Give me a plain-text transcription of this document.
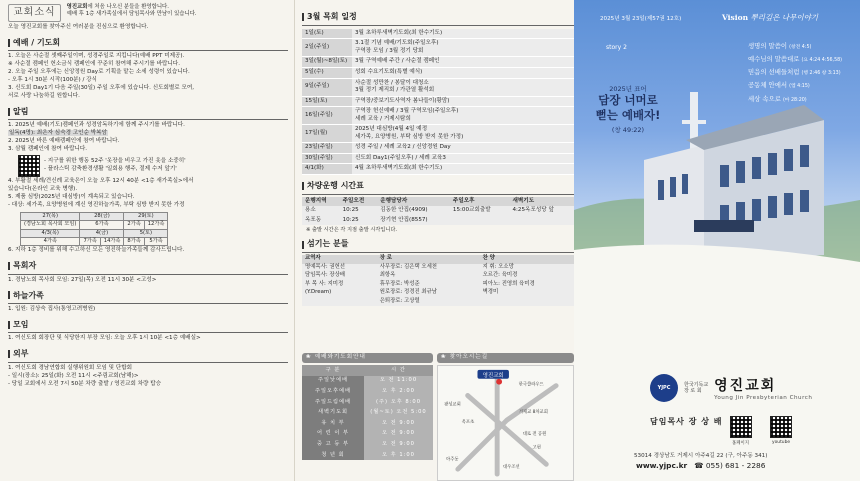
교회소식	영진교회에 처음 나오신 분들을 환영합니다.
예배 후 1층 새가족실에서 담임목사와 만남이 있습니다.
오늘 영진교회를 찾아주신 여러분을 진심으로 환영합니다.
예배 / 기도회
1. 오늘은 사순절 셋째주일이며, 성경주일로 지킵니다(예배 PPT 미제공).
※ 사순절 캠페인 헌소금식 캠페인에 꾸준히 참여해 주시기를 바랍니다.
2. 오늘 주일 오후에는 신앙정원 Day로 기획을 맡는 소세 성령이 있습니다.
- 오후 1시 30분 시작(100분) / 강식
3. 신도회 Day1기 다음 주일(30일) 주일 오후에 있습니다. 신도회별로 모여,
서로 사랑 나눔하길 원합니다.
알림
1. 2025년 예배(기도)캠페인과 성경암독하기에 함께 주시기를 바랍니다.
일독(4명): 최은자 심숙경 고인순 박복암
2. 2025년 바른 예배캠페인에 참여 바랍니다.
3. 삼월 캠페인에 참여 바랍니다.
- 지구를 위한 행동 52주 '옷장을 비우고 가진 옷을 소중히'
- 플라스틱 감축환경생활 '일회용 행주, 절제 수저 앞기'
4. 부활절 세례/견신례 교육은이 오늘 오후 12시 40분 <1층 새가족실>에서
있습니다(온라인 교육 병행).
5. 제품 심방(2025년 대심방)이 계속되고 있습니다.
- 대상: 세가족, 요양병원에 계신 영진하늘가족, 부탁 심방 받지 못한 가정
27(목)	28(금)		29(토)	
(경남노회 목사회 모임)	6가족		2가족	12가족
4/3(목)	4(금)		5(토)	
4가족	7가족	14가족	8가족	5가족
6. 지하 1층 정비를 위해 수고하신 모든 영진하늘가족들께 감사드립니다.
목회자
1. 경남노회 목사회 모임: 27일(목) 오전 11시 30분 <고성>
하늘가족
1. 입원: 김상숙 집사(통영고려병원)
모임
1. 여신도회 회장단 및 식당한지 부장 모임: 오늘 오후 1시 10분 <1층 예배실>
외부
1. 여신도회 경남연합회 실행위원회 모임 및 단합회
- 일시(장소): 25일(화) 오전 11시 <주림교회(남해)>
- 당일 교회에서 오전 7시 50분 차량 출발 / 영진교회 차량 탑승
3월 목회 일정
1일(토)	3월 초하루새벽기도회(최 한수기도)

2일(주일)	3.1절 기념 예배/기도회(주일오후)
구역장 모임 / 3월 정기 당회

3일(월)~8일(토)	3월 구역예배 주간 / 사순절 캠페인

5일(수)	성회 수요기도회(특별 예식)

9일(주일)	사순절 성만찬 / 봉달이 대청소
3월 정기 제직회 / 가관열 활석회

15일(토)	구역장/중보기도사역자 봄나들이(황맘)

16일(주일)	구역장 헌신예배 / 3월 구역모임(주일오후)
세례 교육 / 거제시탐희

17일(월)	2025년 대심방(4월 4일 예정
세가족, 요양병원, 부탁 심방 받지 못한 가정)

23일(주일)	성경 주일 / 세례 교육2 / 신앙정원 Day

30일(주일)	신도회 Day1(주일오후) / 세례 교육3

4/1(화)	4월 초하루새벽기도회(최 한수기도)
차량운행 시간표
운행지역	주일오전	운행담당자	주일오후	새벽기도
용소	10:25	김동한 안집(4909)	15:00교회출발	4:25옥포성당 앞
옥포동	10:25	장기현 안집(8557)		
※ 출발 시간은 각 지점 출발 시각입니다.
섬기는 분들
교역자	장 로	찬 양
명예목사: 권헌선	사무장로: 김은택 오세천	지 휘: 오소망
담임목사: 장상배	최항옥	오르간: 육미경
부 목 사: 지미정	휴무장로: 박성준	피아노: 진영희 육미경
(Y.Dream)	원로장로: 정경진 최규남	벽경미
	은퇴장로: 고상렬	
❀ 예배와기도회안내
구 분	시 간
주일낮예배	오 전 11:00
주일오후예배	오 후 2:00
주일드림예배	(주) 오후 8:00
새벽기도회	(월~토) 오전 5:00
유 치 부	오 전 9:00
어 린 이 부	오 전 9:00
중 고 등 부	오 전 9:00
청 년 회	오 후 1:00
❀ 찾아오시는길
영진교회
한국클라우드
광성교회
거제교 8차교회
옥포초
대로 전 공원
고현
아주동
대우조선
2025년 3월 23일(제57권 12호)	Vision 뿌리깊은 나무이야기
story 2
2025년 표어
담장 너머로
뻗는 예배자!
(창 49:22)
생명의 말씀이 (창전 4:5)
예수님의 말씀대로 (요 4:24 4:56,58)
믿음의 선배들처럼 (행 2:46 창 3:13)
공동체 안에서 (엡 4:15)
세상 속으로 (마 28:20)
YJPC
한국기독교
장 로 회 영진교회
Young Jin Presbyterian Church
담임목사 장 상 배
홈페이지	youtube
53014 경상남도 거제시 아주4길 22 (구, 아주동 341)
www.yjpc.kr ☎ 055) 681 - 2286
